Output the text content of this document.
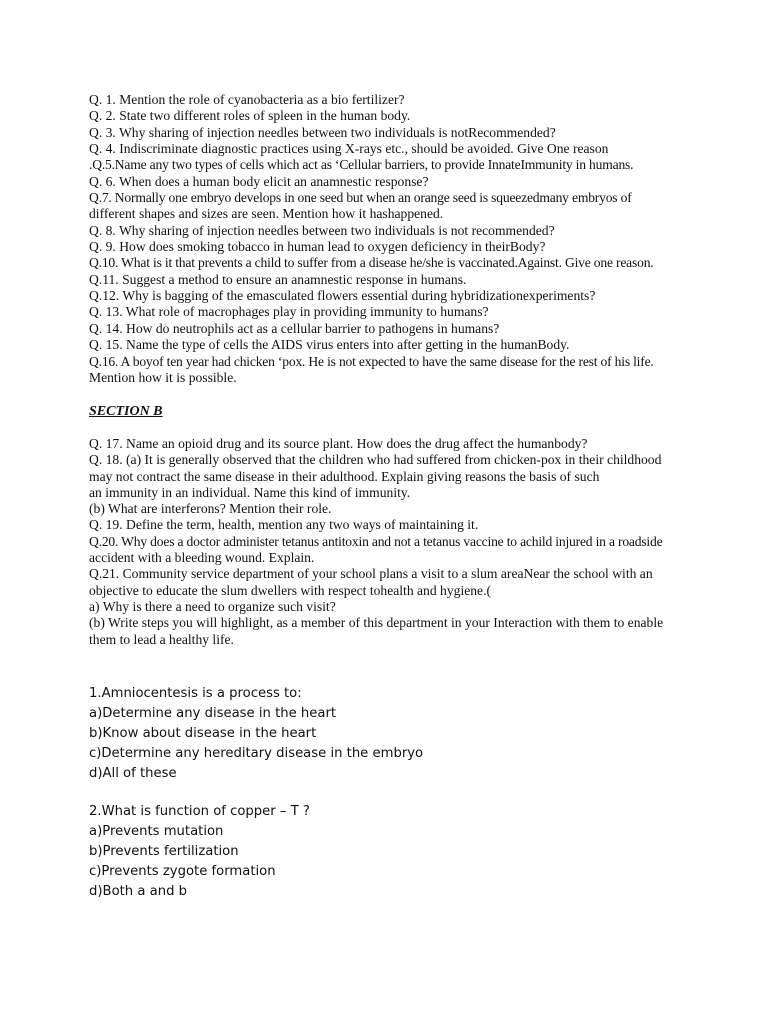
Q. 1. Mention the role of cyanobacteria as a bio fertilizer?
Q. 2. State two different roles of spleen in the human body.
Q. 3. Why sharing of injection needles between two individuals is notRecommended?
Q. 4. Indiscriminate diagnostic practices using X-rays etc., should be avoided. Give One reason
.Q.5.Name any two types of cells which act as ‘Cellular barriers, to provide InnateImmunity in humans.
Q. 6. When does a human body elicit an anamnestic response?
Q.7. Normally one embryo develops in one seed but when an orange seed is squeezedmany embryos of
different shapes and sizes are seen. Mention how it hashappened.
Q. 8. Why sharing of injection needles between two individuals is not recommended?
Q. 9. How does smoking tobacco in human lead to oxygen deficiency in theirBody?
Q.10. What is it that prevents a child to suffer from a disease he/she is vaccinated.Against. Give one reason.
Q.11. Suggest a method to ensure an anamnestic response in humans.
Q.12. Why is bagging of the emasculated flowers essential during hybridizationexperiments?
Q. 13. What role of macrophages play in providing immunity to humans?
Q. 14. How do neutrophils act as a cellular barrier to pathogens in humans?
Q. 15. Name the type of cells the AIDS virus enters into after getting in the humanBody.
Q.16. A boyof ten year had chicken ‘pox. He is not expected to have the same disease for the rest of his life.
Mention how it is possible.
SECTION B
Q. 17. Name an opioid drug and its source plant. How does the drug affect the humanbody?
Q. 18. (a) It is generally observed that the children who had suffered from chicken-pox in their childhood
may not contract the same disease in their adulthood. Explain giving reasons the basis of such
an immunity in an individual. Name this kind of immunity.
(b) What are interferons? Mention their role.
Q. 19. Define the term, health, mention any two ways of maintaining it.
Q.20. Why does a doctor administer tetanus antitoxin and not a tetanus vaccine to achild injured in a roadside
accident with a bleeding wound. Explain.
Q.21. Community service department of your school plans a visit to a slum areaNear the school with an
objective to educate the slum dwellers with respect tohealth and hygiene.(
a) Why is there a need to organize such visit?
(b) Write steps you will highlight, as a member of this department in your Interaction with them to enable
them to lead a healthy life.
1.Amniocentesis is a process to:
a)Determine any disease in the heart
b)Know about disease in the heart
c)Determine any hereditary disease in the embryo
d)All of these
2.What is function of copper – T ?
a)Prevents mutation
b)Prevents fertilization
c)Prevents zygote formation
d)Both a and b
